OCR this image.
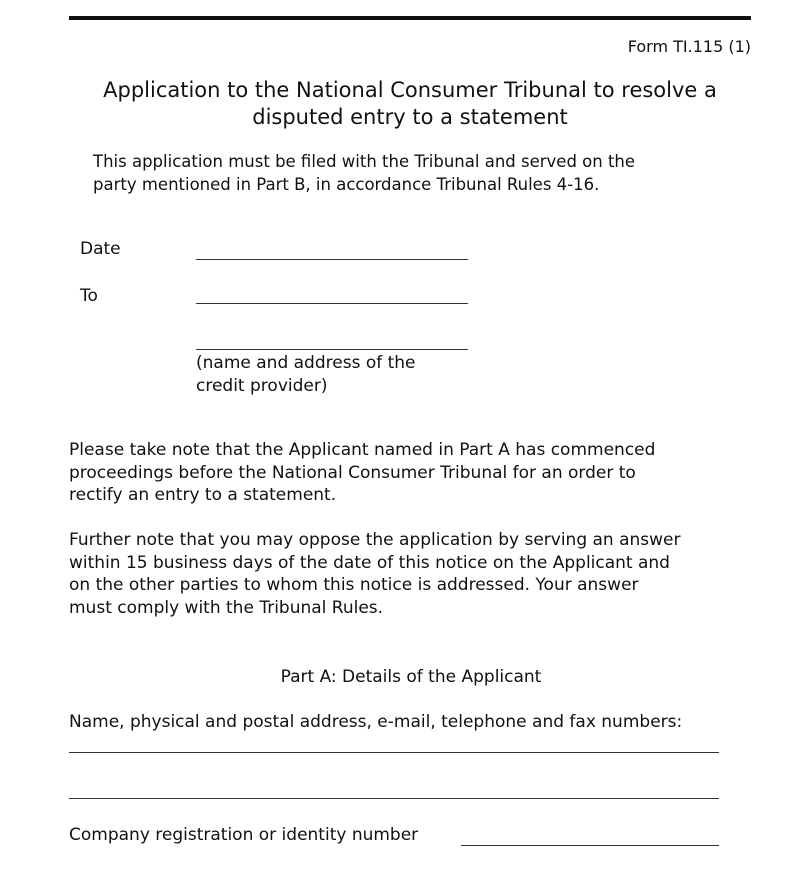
Form TI.115 (1)
Application to the National Consumer Tribunal to resolve a
disputed entry to a statement
This application must be filed with the Tribunal and served on the
party mentioned in Part B, in accordance Tribunal Rules 4-16.
Date
To
(name and address of the
credit provider)
Please take note that the Applicant named in Part A has commenced
proceedings before the National Consumer Tribunal for an order to
rectify an entry to a statement.
Further note that you may oppose the application by serving an answer
within 15 business days of the date of this notice on the Applicant and
on the other parties to whom this notice is addressed. Your answer
must comply with the Tribunal Rules.
Part A: Details of the Applicant
Name, physical and postal address, e-mail, telephone and fax numbers:
Company registration or identity number
